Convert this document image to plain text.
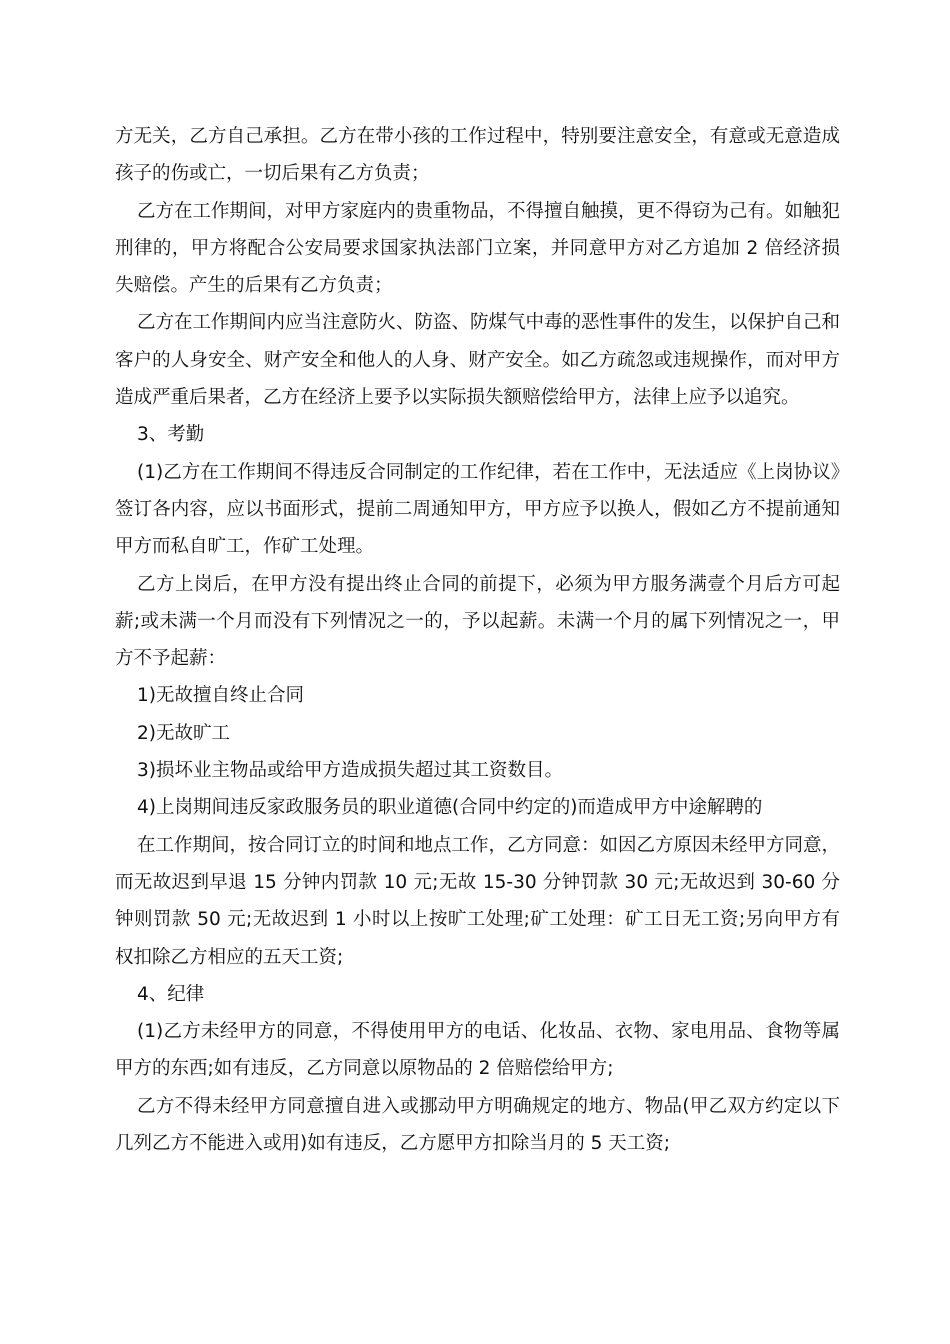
方无关，乙方自己承担。乙方在带小孩的工作过程中，特别要注意安全，有意或无意造成孩子的伤或亡，一切后果有乙方负责；

乙方在工作期间，对甲方家庭内的贵重物品，不得擅自触摸，更不得窃为己有。如触犯刑律的，甲方将配合公安局要求国家执法部门立案，并同意甲方对乙方追加 2 倍经济损失赔偿。产生的后果有乙方负责；

乙方在工作期间内应当注意防火、防盗、防煤气中毒的恶性事件的发生，以保护自己和客户的人身安全、财产安全和他人的人身、财产安全。如乙方疏忽或违规操作，而对甲方造成严重后果者，乙方在经济上要予以实际损失额赔偿给甲方，法律上应予以追究。

3、考勤

(1)乙方在工作期间不得违反合同制定的工作纪律，若在工作中，无法适应《上岗协议》签订各内容，应以书面形式，提前二周通知甲方，甲方应予以换人，假如乙方不提前通知甲方而私自旷工，作矿工处理。

乙方上岗后，在甲方没有提出终止合同的前提下，必须为甲方服务满壹个月后方可起薪;或未满一个月而没有下列情况之一的，予以起薪。未满一个月的属下列情况之一，甲方不予起薪：

1)无故擅自终止合同

2)无故旷工

3)损坏业主物品或给甲方造成损失超过其工资数目。

4)上岗期间违反家政服务员的职业道德(合同中约定的)而造成甲方中途解聘的

在工作期间，按合同订立的时间和地点工作，乙方同意：如因乙方原因未经甲方同意，而无故迟到早退 15 分钟内罚款 10 元;无故 15-30 分钟罚款 30 元;无故迟到 30-60 分钟则罚款 50 元;无故迟到 1 小时以上按旷工处理;矿工处理：矿工日无工资;另向甲方有权扣除乙方相应的五天工资;

4、纪律

(1)乙方未经甲方的同意，不得使用甲方的电话、化妆品、衣物、家电用品、食物等属甲方的东西;如有违反，乙方同意以原物品的 2 倍赔偿给甲方;

乙方不得未经甲方同意擅自进入或挪动甲方明确规定的地方、物品(甲乙双方约定以下几列乙方不能进入或用)如有违反，乙方愿甲方扣除当月的 5 天工资;
